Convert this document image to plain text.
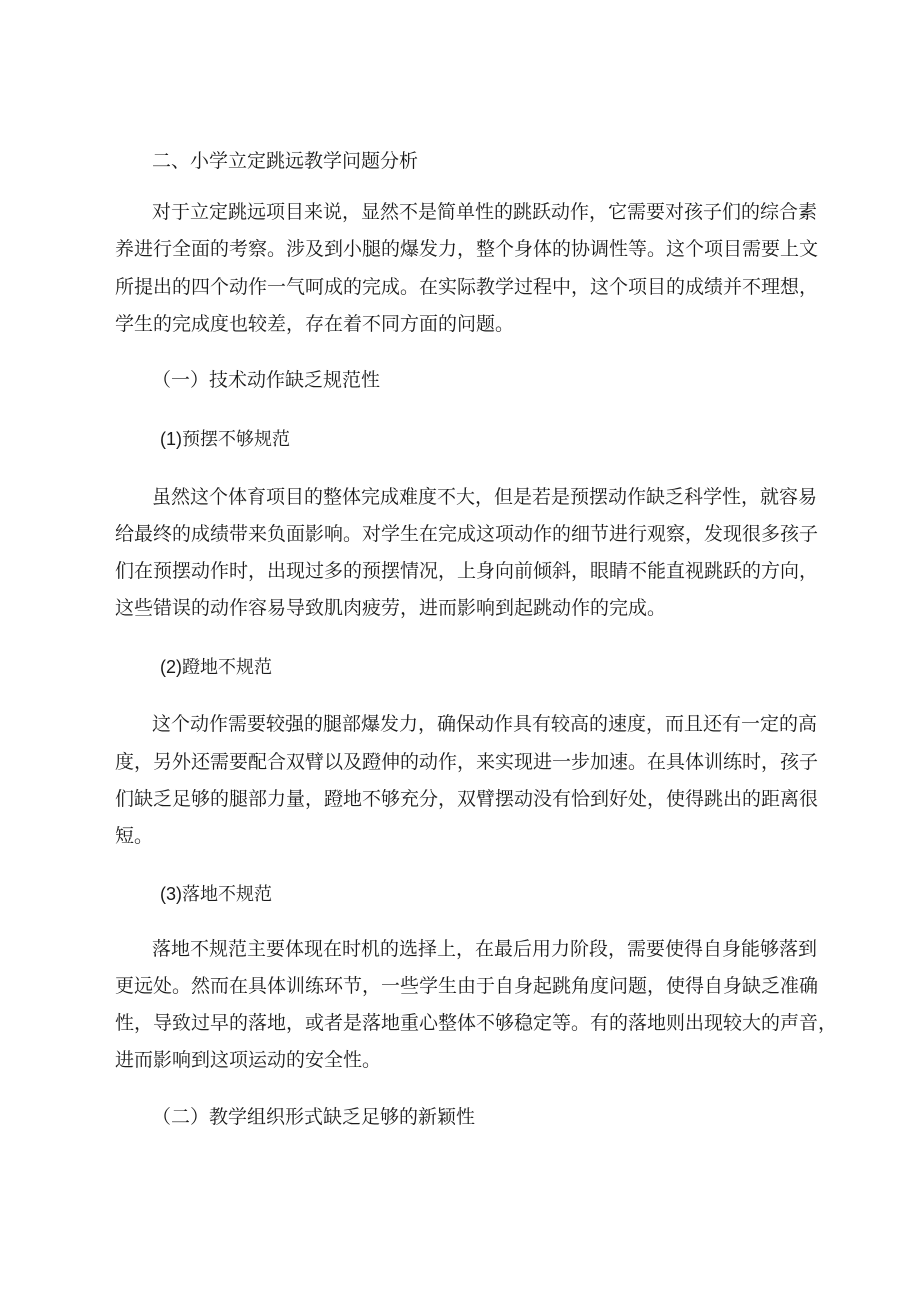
二、小学立定跳远教学问题分析
对于立定跳远项目来说，显然不是简单性的跳跃动作，它需要对孩子们的综合素
养进行全面的考察。涉及到小腿的爆发力，整个身体的协调性等。这个项目需要上文
所提出的四个动作一气呵成的完成。在实际教学过程中，这个项目的成绩并不理想，
学生的完成度也较差，存在着不同方面的问题。
（一）技术动作缺乏规范性
(1)预摆不够规范
虽然这个体育项目的整体完成难度不大，但是若是预摆动作缺乏科学性，就容易
给最终的成绩带来负面影响。对学生在完成这项动作的细节进行观察，发现很多孩子
们在预摆动作时，出现过多的预摆情况，上身向前倾斜，眼睛不能直视跳跃的方向，
这些错误的动作容易导致肌肉疲劳，进而影响到起跳动作的完成。
(2)蹬地不规范
这个动作需要较强的腿部爆发力，确保动作具有较高的速度，而且还有一定的高
度，另外还需要配合双臂以及蹬伸的动作，来实现进一步加速。在具体训练时，孩子
们缺乏足够的腿部力量，蹬地不够充分，双臂摆动没有恰到好处，使得跳出的距离很
短。
(3)落地不规范
落地不规范主要体现在时机的选择上，在最后用力阶段，需要使得自身能够落到
更远处。然而在具体训练环节，一些学生由于自身起跳角度问题，使得自身缺乏准确
性，导致过早的落地，或者是落地重心整体不够稳定等。有的落地则出现较大的声音，
进而影响到这项运动的安全性。
（二）教学组织形式缺乏足够的新颖性
